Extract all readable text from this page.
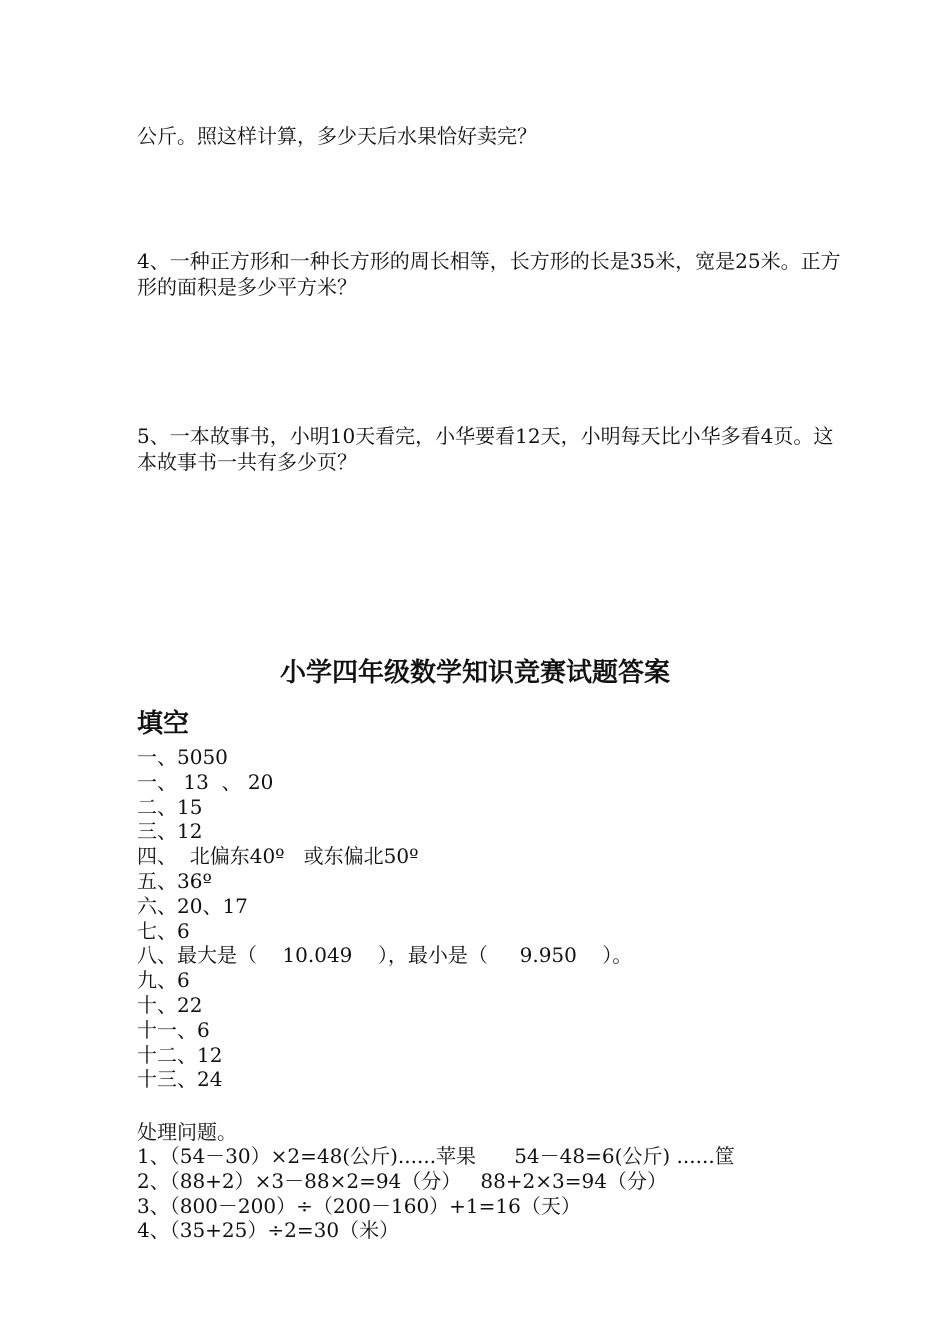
公斤。照这样计算，多少天后水果恰好卖完？
4、一种正方形和一种长方形的周长相等，长方形的长是35米，宽是25米。正方形的面积是多少平方米？
5、一本故事书，小明10天看完，小华要看12天，小明每天比小华多看4页。这本故事书一共有多少页？
小学四年级数学知识竞赛试题答案
填空
一、5050
一、 13  、 20
二、15
三、12
四、  北偏东40º   或东偏北50º
五、36º
六、20、17
七、6
八、最大是（    10.049    ），最小是（     9.950    ）。
九、6
十、22
十一、6
十二、12
十三、24
处理问题。
1、（54－30）×2=48(公斤)......苹果      54－48=6(公斤) ......筐
2、（88+2）×3－88×2=94（分）   88+2×3=94（分）
3、（800－200）÷（200－160）+1=16（天）
4、（35+25）÷2=30（米）
